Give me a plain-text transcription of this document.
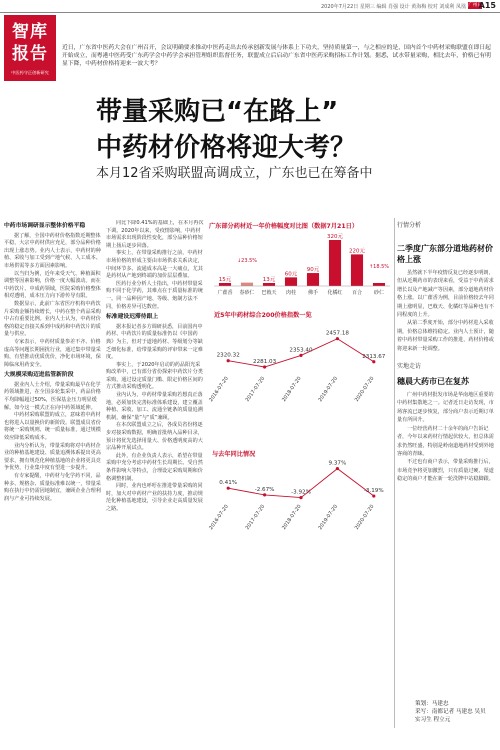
2020年7月22日 星期三 编辑 肖强 设计 黄海梅 校对 刘成利 凤凰 广州日
A15
智库
报告
中医药守正创新研究
近日，广东省中医药大会在广州召开，会议明确要求推动中医药走出去传承创新发展与体系上下功夫，坚持质量第一，与之相应的是，国内首个中药材采购联盟在即日起开始成立，而粤港中医药受广东药学会中药学会承担管理组织监督任务，联盟成立后启动广东省中医药采购招标工作计划。据悉，试水带量采购，相比去年，价格已有明显下降，中药材价格将迎来一波大考？
带量采购已“在路上”
中药材价格将迎大考？
本月12省采购联盟高调成立，广东也已在筹备中
中药市场调研显示整体价格平稳

据了解，全国中药材价格指数近期整体平稳，大宗中药材供应充足，部分品种价格出现上涨态势。业内人士表示，中药材的种植、采收与加工受到产地气候、人工成本、市场供需等多方面因素影响。

以当归为例，近年来受天气、种植面积调整等因素影响，价格一度大幅波动。而在中药饮片、中成药领域，医院采购价格整体相对透明，成本压力向下游传导有限。

数据显示，此前广东省医疗机构中药饮片采购金额持续增长，中药在整个药品采购中占有重要比例。业内人士认为，中药材价格的稳定直接关系到中成药和中药饮片的质量与供应。

专家表示，中药材质量参差不齐、价格虚高等问题长期困扰行业，通过集中带量采购，有望推动优质优价，净化市场环境，保障临床用药安全。

大规模采购迈进监管新阶段

据业内人士介绍，带量采购最早在化学药领域推进，在全国多轮集采中，药品价格平均降幅超过50%，医保基金压力明显缓解。如今这一模式正在向中药领域延伸。

中药材采购联盟的成立，意味着中药材也将进入以量换价的新阶段。联盟成员省份将统一采购规则、统一质量标准，通过规模效应降低采购成本。

业内分析认为，带量采购将对中药材企业的种植基地建设、质量追溯体系提出更高要求，拥有规范化种植基地的企业将更具竞争优势，行业集中度有望进一步提升。

有专家提醒，中药材与化学药不同，品种多、规格杂、质量标准难以统一，带量采购在执行中仍需因地制宜，兼顾企业合理利润与产业可持续发展。

同比下降0.41%的基础上，在本月再次下调。2020年以来，受疫情影响，中药材市场需求出现阶段性变化，部分品种价格短期上扬后逐步回落。

事实上，在带量采购推行之前，中药材市场价格的形成主要由市场供求关系决定，中间环节多、流通成本高是一大痛点，尤其是药材从产地到终端的加价层层叠加。

医药行业分析人士指出，中药材带量采购不同于化学药，其难点在于质量标准的统一。同一品种因产地、等级、炮制方法不同，价格差异可达数倍。

标准建设迟滞待跟上

据本报记者多方调研获悉，目前国内中药材、中药饮片的质量标准仍以《中国药典》为主，但对于道地药材、等级划分等缺乏细化标准，给带量采购的评审带来一定难度。

事实上，于2020年启动的药品阳光采购改革中，已有部分省份探索中药饮片分类采购，通过设定质量门槛、限定价格区间的方式推动采购透明化。

业内认为，中药材带量采购若想真正落地，必须加快完善标准体系建设，建立覆盖种植、采收、加工、流通全链条的质量追溯机制，确保“量”与“质”兼顾。

在本次联盟成立之后，各成员省份将逐步对接采购数据，明确首批纳入品种目录，预计将优先选择用量大、价格透明度高的大宗品种开展试点。

此外，有企业负责人表示，希望在带量采购中充分考虑中药材生长周期长、受自然条件影响大等特点，合理设定采购周期和价格调整机制。

同时，业内也呼吁在推进带量采购的同时，加大对中药材产业的扶持力度，推动规范化种植基地建设，引导企业走高质量发展之路。

广东部分药材近一年价格幅度对比图（数据7月21日）
近5年中药材综合200价格指数一览
与去年同比情况
15元
广藿香 春砂仁
13元
巴戟天
60元
肉桂
90元
佛手
320元
化橘红
220元
百合 砂仁
↓23.5%
↑18.5%
2320.32
2281.03
2353.40
2457.18
2313.67
2016-07-20	2017-07-20	2018-07-20	2019-07-20	2020-07-20
0.41%
-2.67%	-3.92%
9.37%
-3.19%
2016-07-20	2017-07-20	2018-07-20	2019-07-20	2020-07-20
行情分析
二季度广东部分道地药材价格上涨

虽然就下半年疫情反复已经逐步明朗，但从近期药市的表现来看，受益于中药需求增长以及产地减产等因素，部分道地药材价格上涨。以广藿香为例，目前价格较去年同期上涨明显，巴戟天、化橘红等品种也有不同程度的上升。

从第二季度开始，部分中药材进入采收期，价格总体维持稳定。业内人士预计，随着中药材带量采购工作的推进，药材价格或将迎来新一轮调整。

实地走访
穗晨大药市已在复苏

广州中药材批发市场是华南地区重要的中药材集散地之一。记者近日走访发现，市场客流已逐步恢复，部分商户表示近期订单量有所回升。

一位经营药材二十余年的商户告诉记者，今年以来药材行情起伏较大，但总体需求仍然旺盛，特别是岭南道地药材受到外地客商的青睐。

不过也有商户表示，带量采购推行后，市场竞争将更加激烈，只有质量过硬、渠道稳定的商户才能在新一轮洗牌中站稳脚跟。

策划：马建忠
采写：南都记者 马建忠 吴贝
实习生 程立元
